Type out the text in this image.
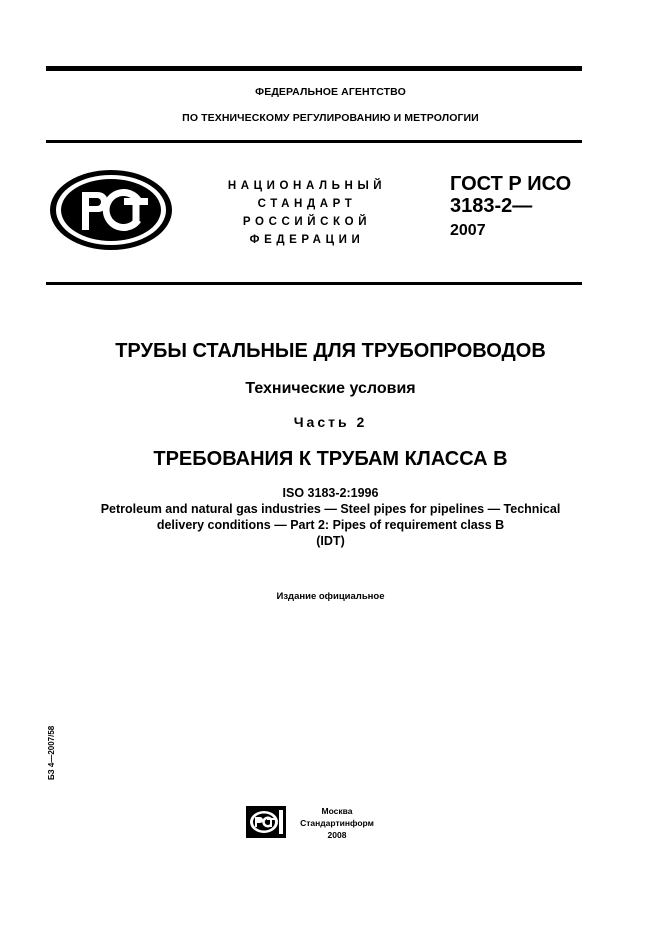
ФЕДЕРАЛЬНОЕ АГЕНТСТВО
ПО ТЕХНИЧЕСКОМУ РЕГУЛИРОВАНИЮ И МЕТРОЛОГИИ
НАЦИОНАЛЬНЫЙ
СТАНДАРТ
РОССИЙСКОЙ
ФЕДЕРАЦИИ
ГОСТ Р ИСО
3183-2—
2007
ТРУБЫ СТАЛЬНЫЕ ДЛЯ ТРУБОПРОВОДОВ
Технические условия
Часть 2
ТРЕБОВАНИЯ К ТРУБАМ КЛАССА В
ISO 3183-2:1996
Petroleum and natural gas industries — Steel pipes for pipelines — Technical
delivery conditions — Part 2: Pipes of requirement class B
(IDT)
Издание официальное
БЗ 4—2007/58
Москва
Стандартинформ
2008
